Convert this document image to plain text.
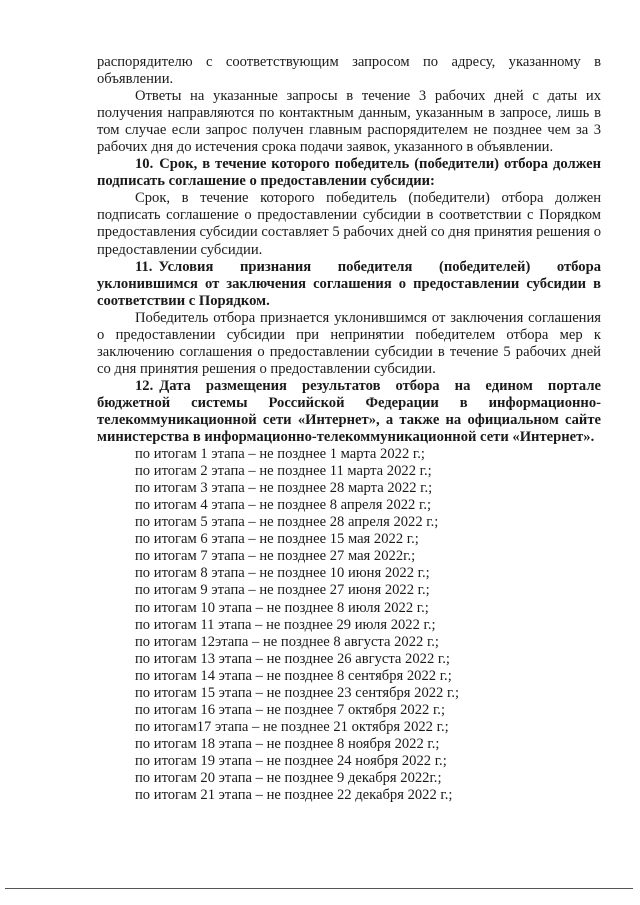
распорядителю с соответствующим запросом по адресу, указанному в объявлении.

Ответы на указанные запросы в течение 3 рабочих дней с даты их получения направляются по контактным данным, указанным в запросе, лишь в том случае если запрос получен главным распорядителем не позднее чем за 3 рабочих дня до истечения срока подачи заявок, указанного в объявлении.

10. Срок, в течение которого победитель (победители) отбора должен подписать соглашение о предоставлении субсидии:

Срок, в течение которого победитель (победители) отбора должен подписать соглашение о предоставлении субсидии в соответствии с Порядком предоставления субсидии составляет 5 рабочих дней со дня принятия решения о предоставлении субсидии.

11. Условия признания победителя (победителей) отбора уклонившимся от заключения соглашения о предоставлении субсидии в соответствии с Порядком.

Победитель отбора признается уклонившимся от заключения соглашения о предоставлении субсидии при непринятии победителем отбора мер к заключению соглашения о предоставлении субсидии в течение 5 рабочих дней со дня принятия решения о предоставлении субсидии.

12. Дата размещения результатов отбора на едином портале бюджетной системы Российской Федерации в информационно-телекоммуникационной сети «Интернет», а также на официальном сайте министерства в информационно-телекоммуникационной сети «Интернет».

по итогам 1 этапа – не позднее 1 марта 2022 г.;
по итогам 2 этапа – не позднее 11 марта 2022 г.;
по итогам 3 этапа – не позднее 28 марта 2022 г.;
по итогам 4 этапа – не позднее 8 апреля 2022 г.;
по итогам 5 этапа – не позднее 28 апреля 2022 г.;
по итогам 6 этапа – не позднее 15 мая 2022 г.;
по итогам 7 этапа – не позднее 27 мая 2022г.;
по итогам 8 этапа – не позднее 10 июня 2022 г.;
по итогам 9 этапа – не позднее 27 июня 2022 г.;
по итогам 10 этапа – не позднее 8 июля 2022 г.;
по итогам 11 этапа – не позднее 29 июля 2022 г.;
по итогам 12этапа – не позднее 8 августа 2022 г.;
по итогам 13 этапа – не позднее 26 августа 2022 г.;
по итогам 14 этапа – не позднее 8 сентября 2022 г.;
по итогам 15 этапа – не позднее 23 сентября 2022 г.;
по итогам 16 этапа – не позднее 7 октября 2022 г.;
по итогам17 этапа – не позднее 21 октября 2022 г.;
по итогам 18 этапа – не позднее 8 ноября 2022 г.;
по итогам 19 этапа – не позднее 24 ноября 2022 г.;
по итогам 20 этапа – не позднее 9 декабря 2022г.;
по итогам 21 этапа – не позднее 22 декабря 2022 г.;
